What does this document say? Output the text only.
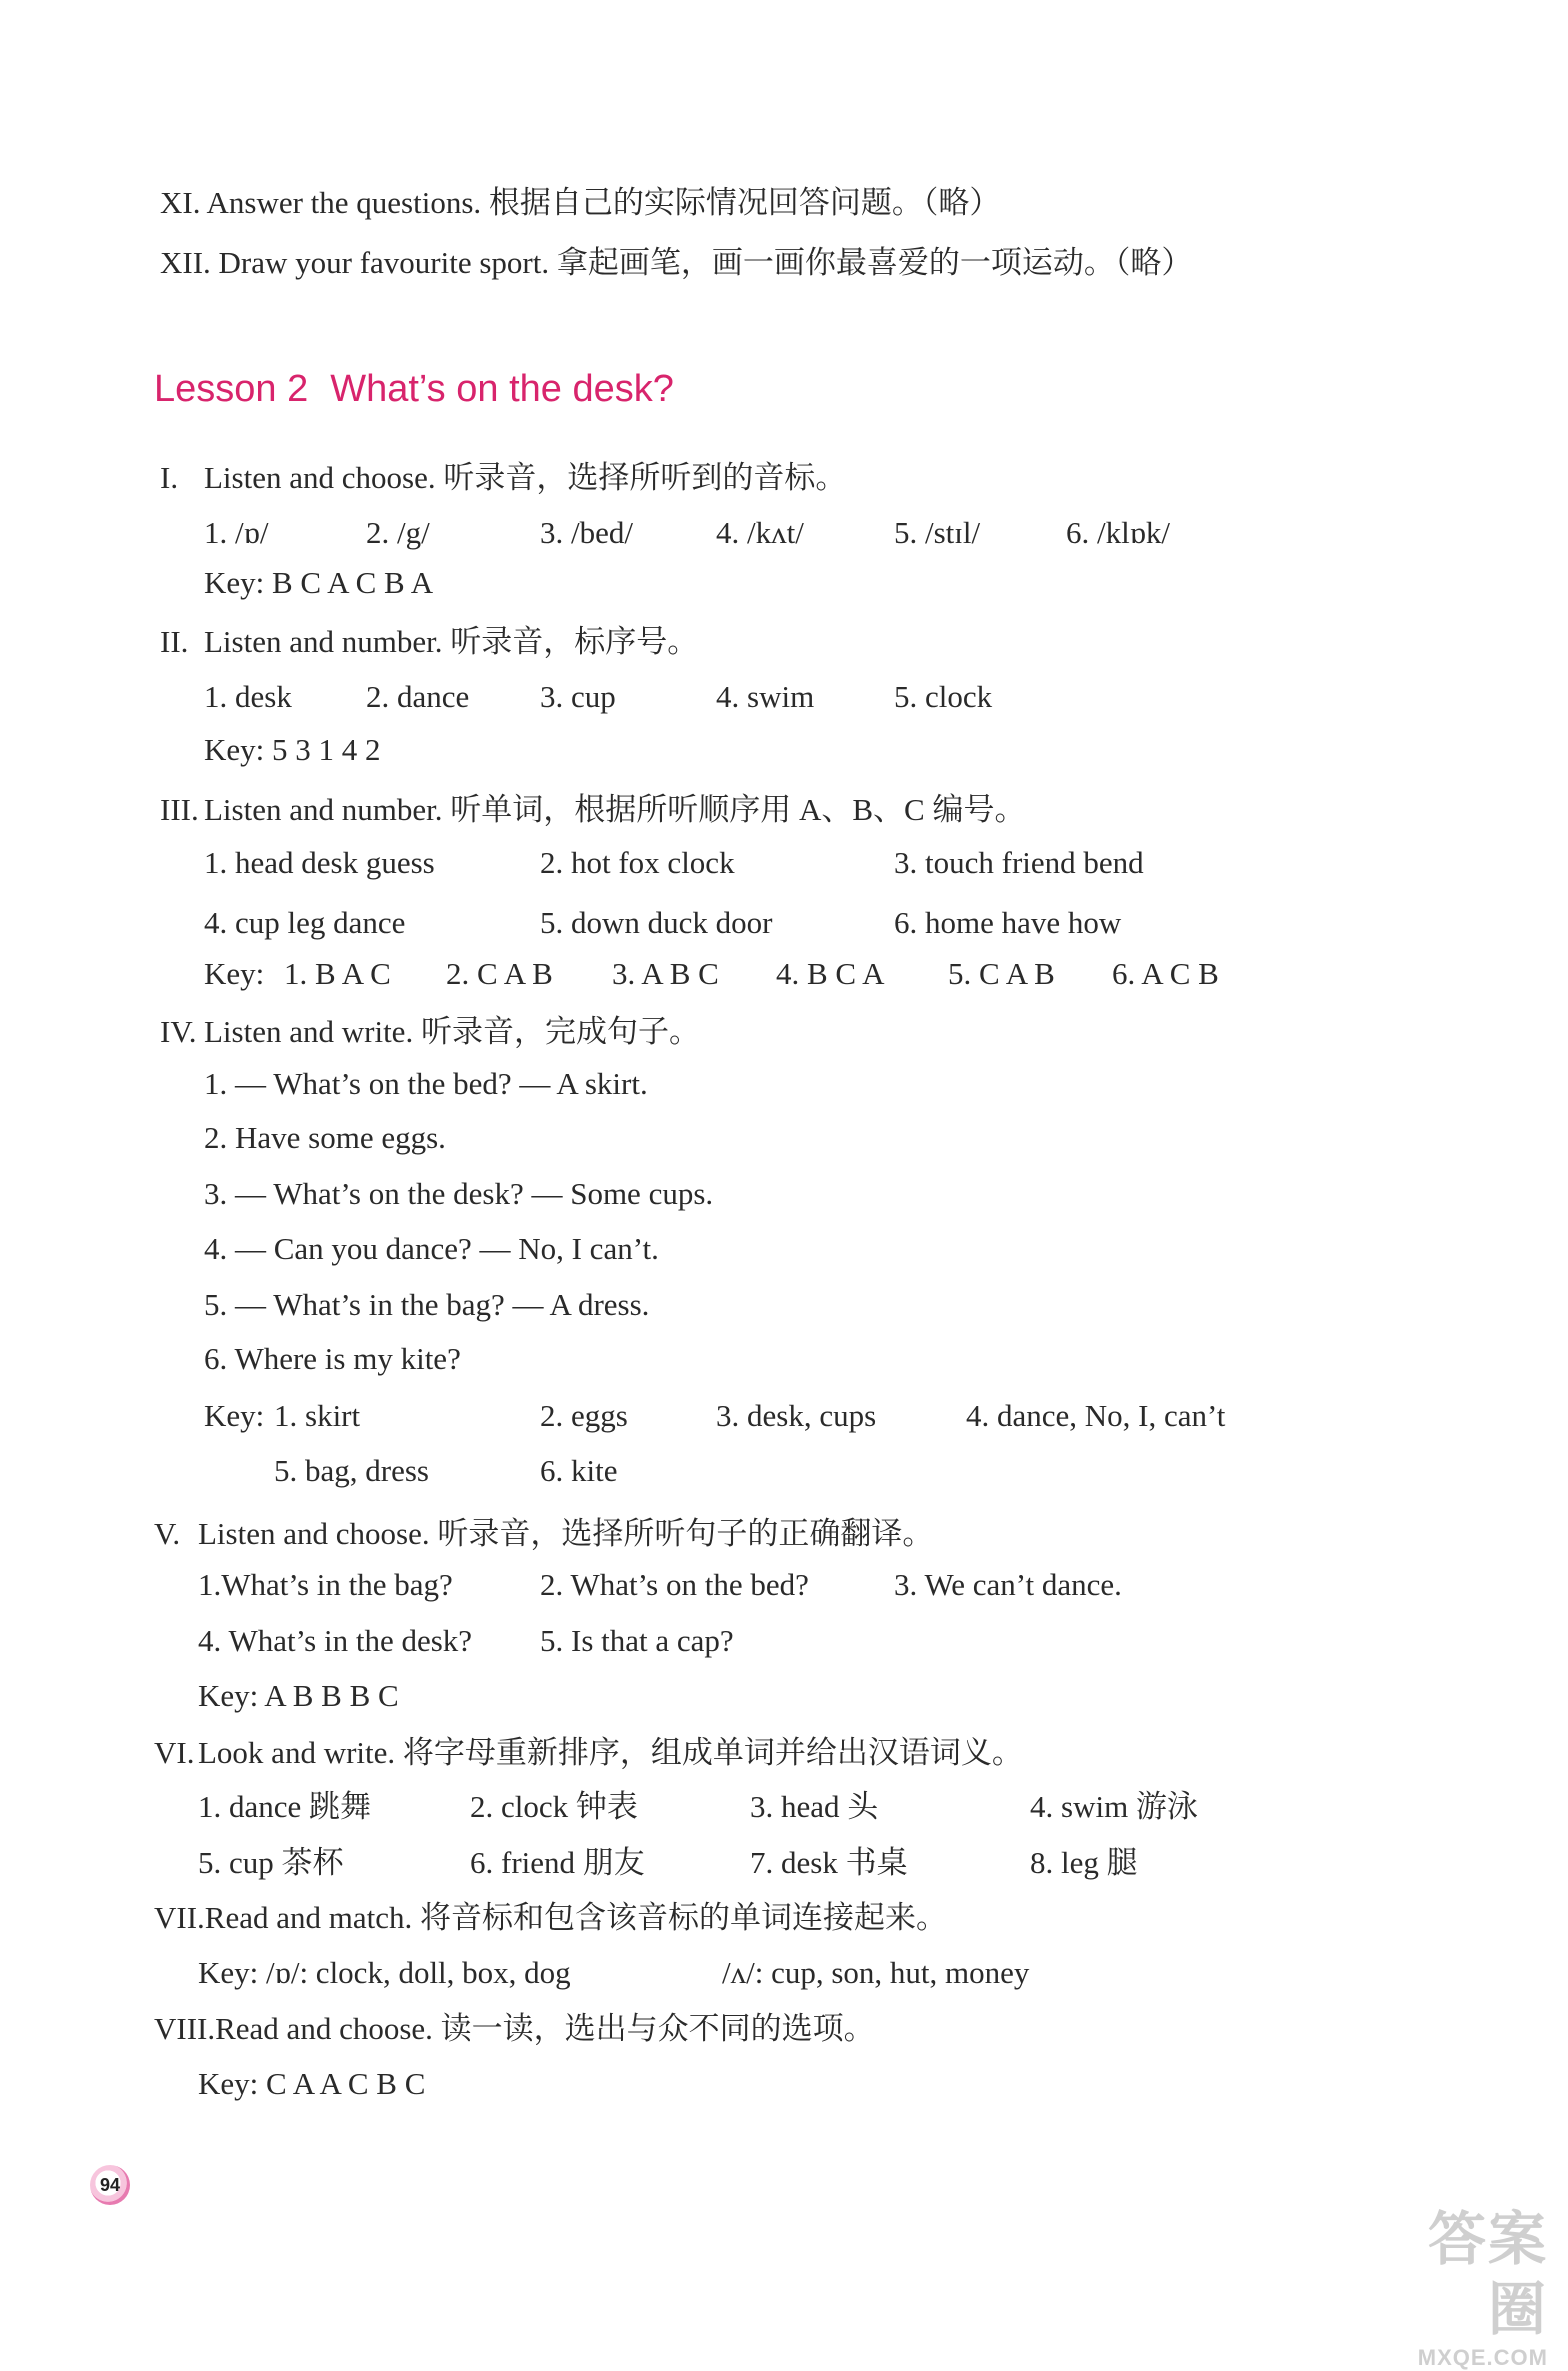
XI. Answer the questions. 根据自己的实际情况回答问题。（略）
XII. Draw your favourite sport. 拿起画笔，画一画你最喜爱的一项运动。（略）
Lesson 2 What’s on the desk?
I. Listen and choose. 听录音，选择所听到的音标。
1. /ɒ/	2. /g/	3. /bed/	4. /kʌt/	5. /stɪl/	6. /klɒk/
Key: B C A C B A
II. Listen and number. 听录音，标序号。
1. desk 2. dance 3. cup	4. swim	5. clock
Key: 5 3 1 4 2
III. Listen and number. 听单词，根据所听顺序用 A、B、C 编号。
1. head desk guess	2. hot fox clock	3. touch friend bend
4. cup leg dance	5. down duck door	6. home have how
Key: 1. B A C 2. C A B 3. A B C 4. B C A 5. C A B 6. A C B
IV. Listen and write. 听录音，完成句子。
1. — What’s on the bed? — A skirt.
2. Have some eggs.
3. — What’s on the desk? — Some cups.
4. — Can you dance? — No, I can’t.
5. — What’s in the bag? — A dress.
6. Where is my kite?
Key: 1. skirt	2. eggs	3. desk, cups	4. dance, No, I, can’t
5. bag, dress	6. kite
V. Listen and choose. 听录音，选择所听句子的正确翻译。
1.What’s in the bag?	2. What’s on the bed?	3. We can’t dance.
4. What’s in the desk? 5. Is that a cap?
Key: A B B B C
VI. Look and write. 将字母重新排序，组成单词并给出汉语词义。
1. dance 跳舞	2. clock 钟表	3. head 头	4. swim 游泳
5. cup 茶杯	6. friend 朋友	7. desk 书桌	8. leg 腿
VII.Read and match. 将音标和包含该音标的单词连接起来。
Key: /ɒ/: clock, doll, box, dog	/ʌ/: cup, son, hut, money
VIII.Read and choose. 读一读，选出与众不同的选项。
Key: C A A C B C
94
答案圈
MXQE.COM
